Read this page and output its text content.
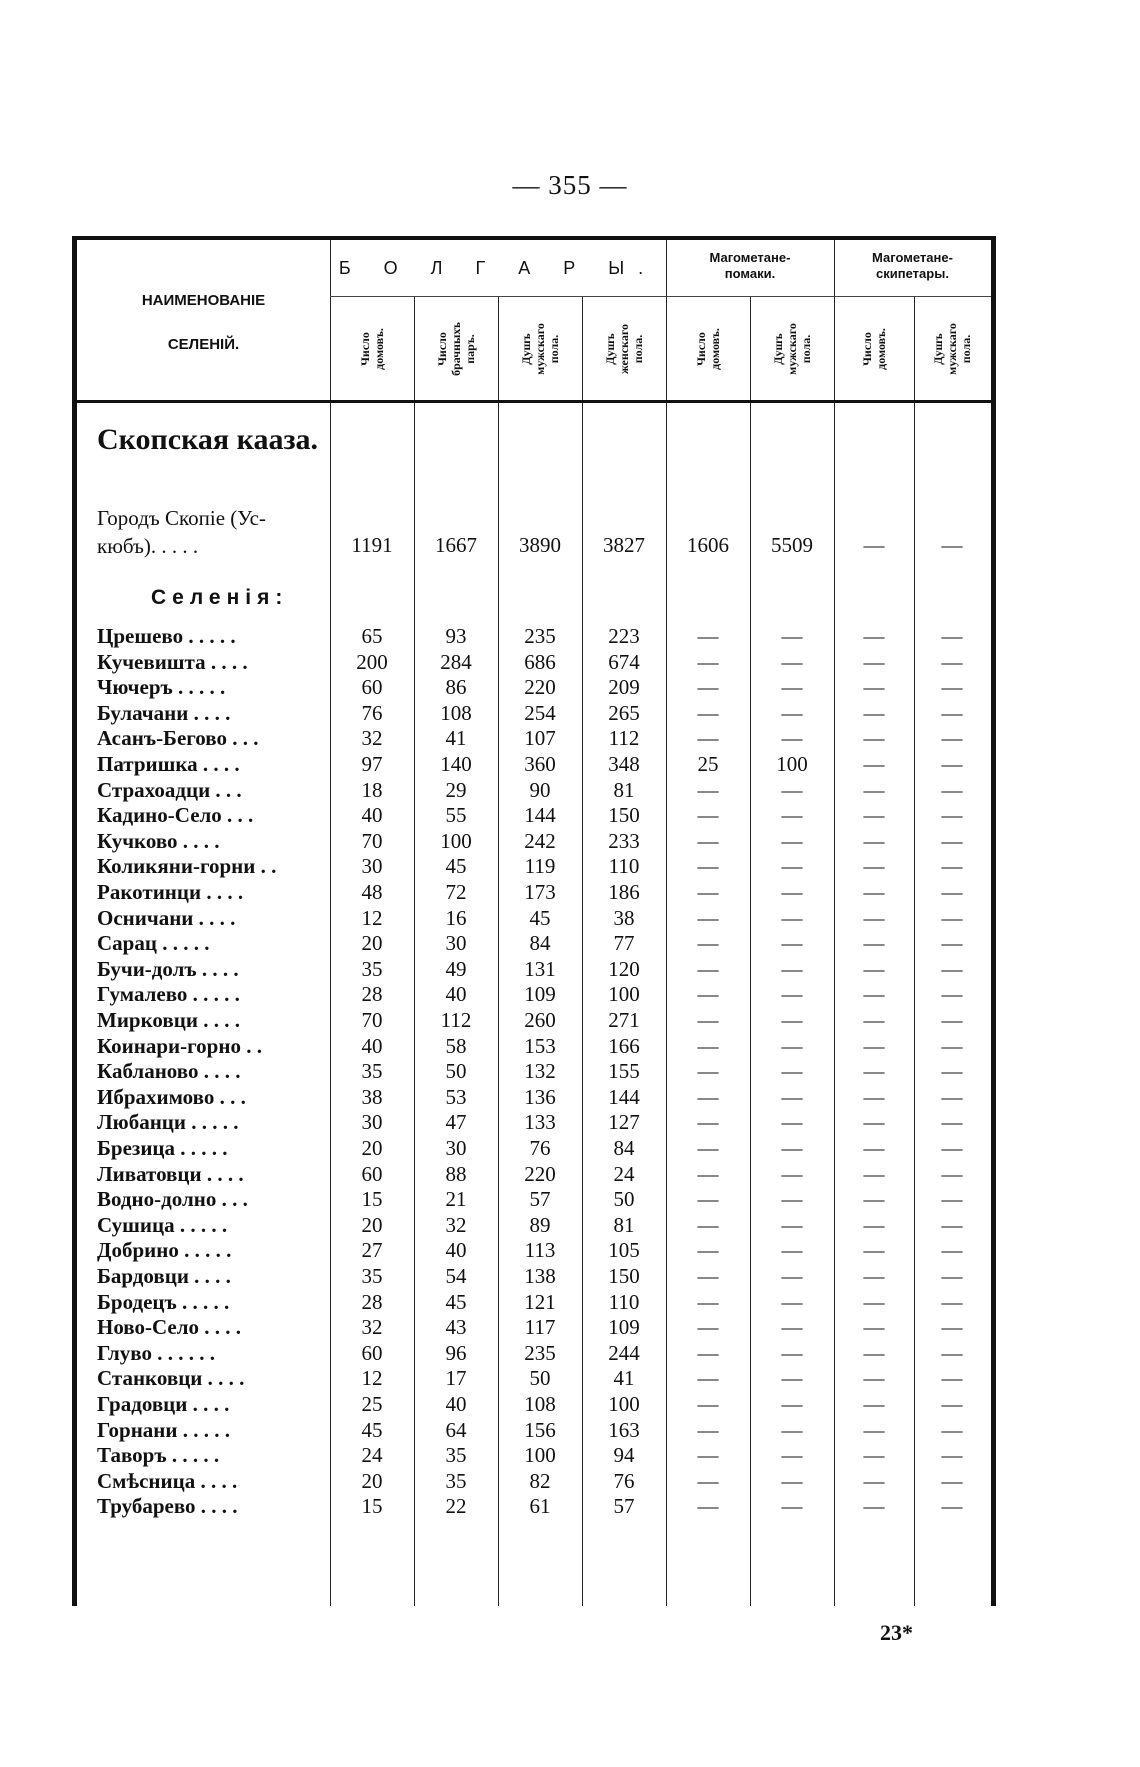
— 355 —
НАИМЕНОВАНІЕ
СЕЛЕНІЙ.
Б О Л Г А Р Ы.
Магометане-
помаки.
Магометане-
скипетары.
Число
домовъ.	Число
брачныхъ
паръ.	Душъ
мужскаго
пола.	Душъ
женскаго
пола.	Число
домовъ.	Душъ
мужскаго
пола.	Число
домовъ.	Душъ
мужскаго
пола.
Скопская кааза.
Городъ Скопіе (Ус-
кюбъ). . . . .	1191	1667	3890	3827	1606	5509	—	—
Селенія:
Црешево . . . . .	65	93	235	223	—	—	—	—
Кучевишта . . . .	200	284	686	674	—	—	—	—
Чючеръ . . . . .	60	86	220	209	—	—	—	—
Булачани . . . .	76	108	254	265	—	—	—	—
Асанъ-Бегово . . .	32	41	107	112	—	—	—	—
Патришка . . . .	97	140	360	348	25	100	—	—
Страхоадци . . .	18	29	90	81	—	—	—	—
Кадино-Село . . .	40	55	144	150	—	—	—	—
Кучково . . . .	70	100	242	233	—	—	—	—
Коликяни-горни . .	30	45	119	110	—	—	—	—
Ракотинци . . . .	48	72	173	186	—	—	—	—
Осничани . . . .	12	16	45	38	—	—	—	—
Сарац . . . . .	20	30	84	77	—	—	—	—
Бучи-долъ . . . .	35	49	131	120	—	—	—	—
Гумалево . . . . .	28	40	109	100	—	—	—	—
Мирковци . . . .	70	112	260	271	—	—	—	—
Коинари-горно . .	40	58	153	166	—	—	—	—
Кабланово . . . .	35	50	132	155	—	—	—	—
Ибрахимово . . .	38	53	136	144	—	—	—	—
Любанци . . . . .	30	47	133	127	—	—	—	—
Брезица . . . . .	20	30	76	84	—	—	—	—
Ливатовци . . . .	60	88	220	24	—	—	—	—
Водно-долно . . .	15	21	57	50	—	—	—	—
Сушица . . . . .	20	32	89	81	—	—	—	—
Добрино . . . . .	27	40	113	105	—	—	—	—
Бардовци . . . .	35	54	138	150	—	—	—	—
Бродецъ . . . . .	28	45	121	110	—	—	—	—
Ново-Село . . . .	32	43	117	109	—	—	—	—
Глуво . . . . . .	60	96	235	244	—	—	—	—
Станковци . . . .	12	17	50	41	—	—	—	—
Градовци . . . .	25	40	108	100	—	—	—	—
Горнани . . . . .	45	64	156	163	—	—	—	—
Таворъ . . . . .	24	35	100	94	—	—	—	—
Смѣсница . . . .	20	35	82	76	—	—	—	—
Трубарево . . . .	15	22	61	57	—	—	—	—
23*
